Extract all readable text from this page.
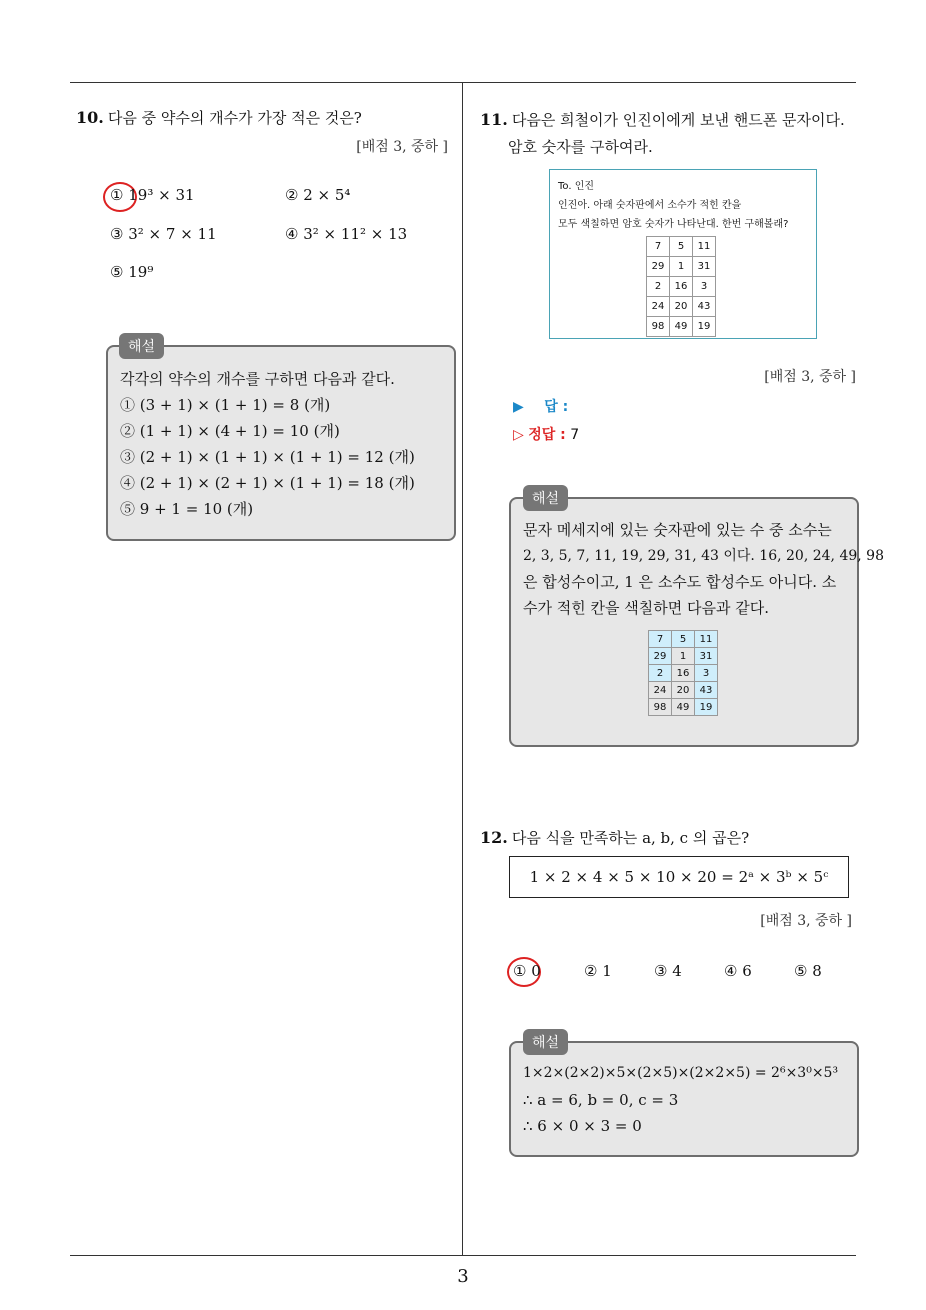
3
10. 다음 중 약수의 개수가 가장 적은 것은?
[배점 3, 중하 ]
① 19³ × 31	② 2 × 5⁴
③ 3² × 7 × 11	④ 3² × 11² × 13
⑤ 19⁹
각각의 약수의 개수를 구하면 다음과 같다.
① (3 + 1) × (1 + 1) = 8 (개)
② (1 + 1) × (4 + 1) = 10 (개)
③ (2 + 1) × (1 + 1) × (1 + 1) = 12 (개)
④ (2 + 1) × (2 + 1) × (1 + 1) = 18 (개)
⑤ 9 + 1 = 10 (개)
해설
11. 다음은 희철이가 인진이에게 보낸 핸드폰 문자이다.
암호 숫자를 구하여라.
To. 인진
인진아. 아래 숫자판에서 소수가 적힌 칸을
모두 색칠하면 암호 숫자가 나타난대. 한번 구해볼래?
7	5	11
29	1	31
2	16	3
24	20	43
98	49	19
[배점 3, 중하 ]
▶ 답 :
▷ 정답 : 7
문자 메세지에 있는 숫자판에 있는 수 중 소수는
2, 3, 5, 7, 11, 19, 29, 31, 43 이다. 16, 20, 24, 49, 98
은 합성수이고, 1 은 소수도 합성수도 아니다. 소
수가 적힌 칸을 색칠하면 다음과 같다.
7	5	11
29	1	31
2	16	3
24	20	43
98	49	19
해설
12. 다음 식을 만족하는 a, b, c 의 곱은?
1 × 2 × 4 × 5 × 10 × 20 = 2ᵃ × 3ᵇ × 5ᶜ
[배점 3, 중하 ]
① 0	② 1	③ 4	④ 6	⑤ 8
1×2×(2×2)×5×(2×5)×(2×2×5) = 2⁶×3⁰×5³
∴ a = 6, b = 0, c = 3
∴ 6 × 0 × 3 = 0
해설
